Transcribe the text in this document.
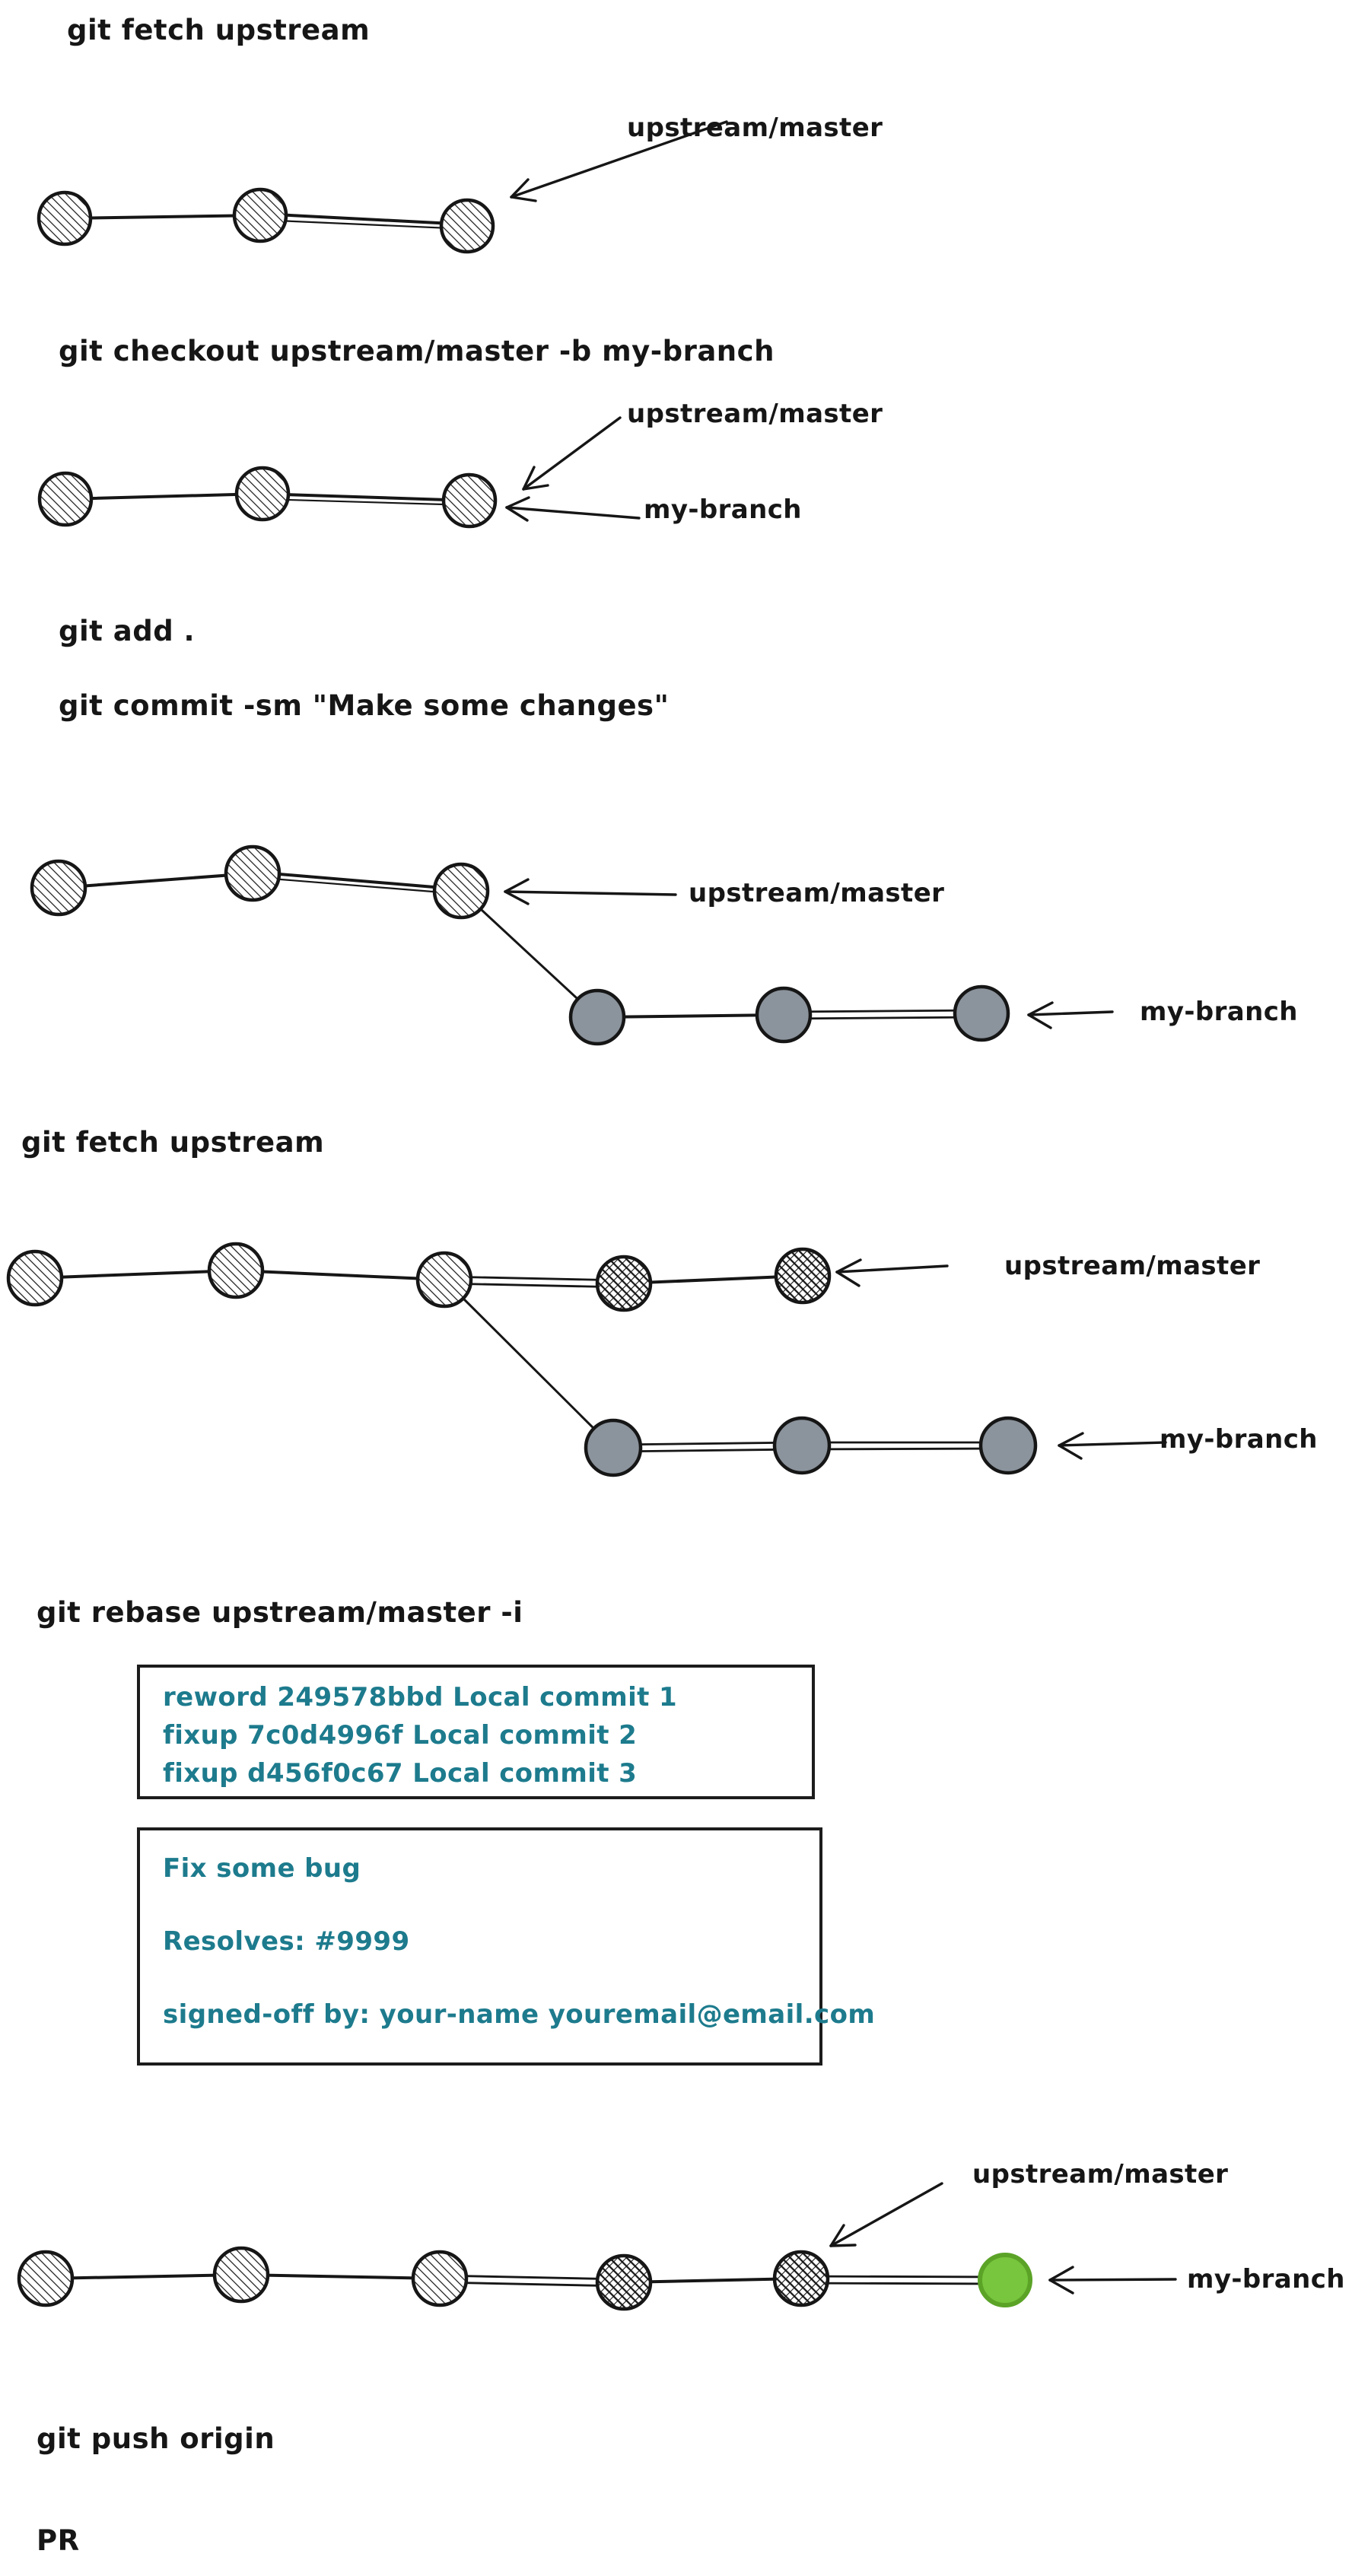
git fetch upstream
git checkout upstream/master -b my-branch
git add .
git commit -sm "Make some changes"
git fetch upstream
git rebase upstream/master -i
git push origin
PR
upstream/master
upstream/master
my-branch
upstream/master
my-branch
upstream/master
my-branch
upstream/master
my-branch
reword 249578bbd Local commit 1
fixup 7c0d4996f Local commit 2
fixup d456f0c67 Local commit 3
Fix some bug
Resolves: #9999
signed-off by: your-name youremail@email.com
